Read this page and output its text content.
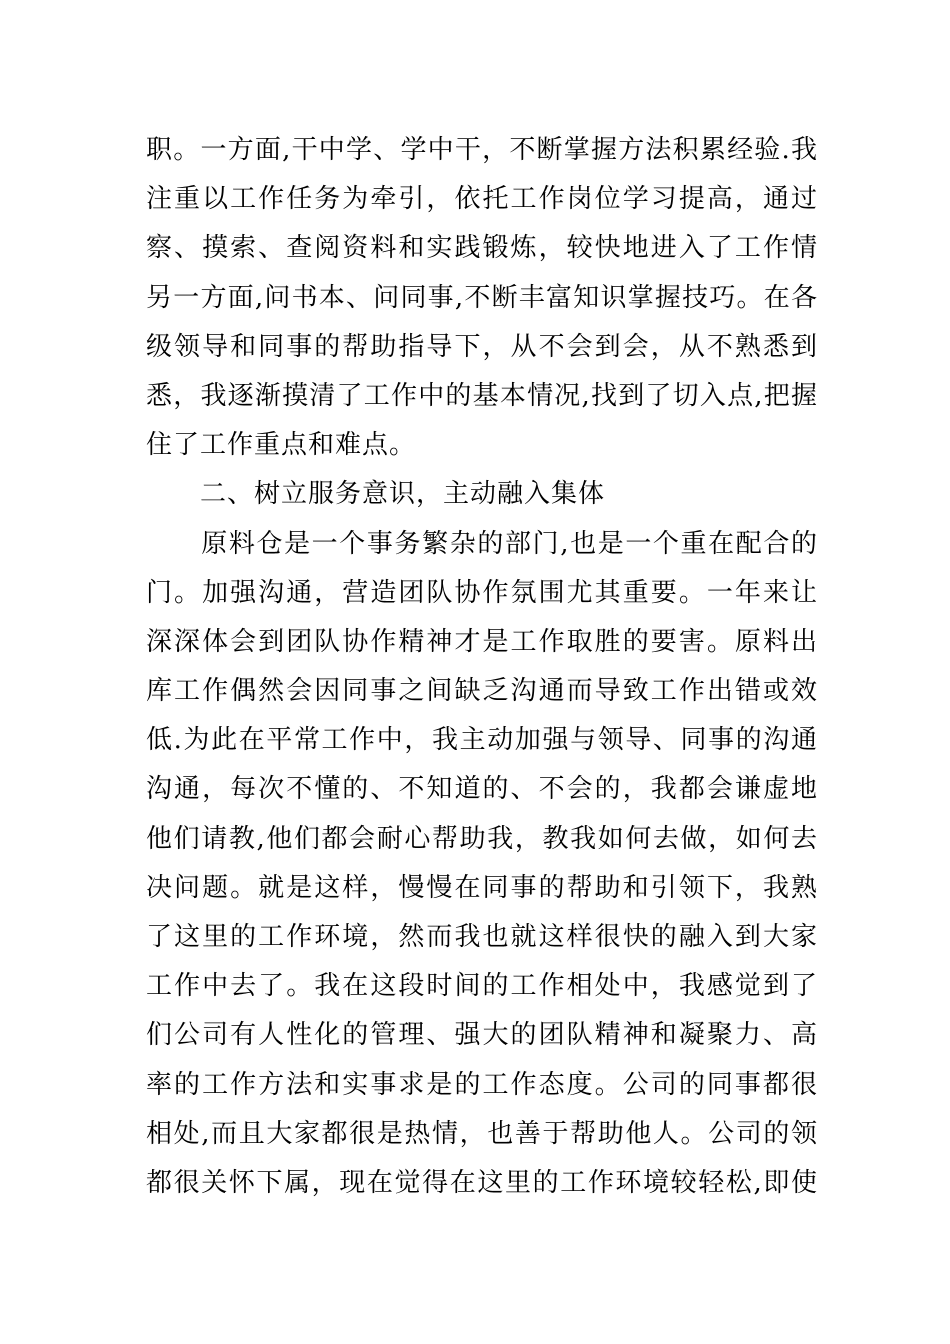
职。一方面,干中学、学中干，不断掌握方法积累经验.我
注重以工作任务为牵引，依托工作岗位学习提高，通过
察、摸索、查阅资料和实践锻炼，较快地进入了工作情
另一方面,问书本、问同事,不断丰富知识掌握技巧。在各
级领导和同事的帮助指导下，从不会到会，从不熟悉到
悉，我逐渐摸清了工作中的基本情况,找到了切入点,把握
住了工作重点和难点。
　　二、树立服务意识，主动融入集体
　　原料仓是一个事务繁杂的部门,也是一个重在配合的
门。加强沟通，营造团队协作氛围尤其重要。一年来让
深深体会到团队协作精神才是工作取胜的要害。原料出
库工作偶然会因同事之间缺乏沟通而导致工作出错或效
低.为此在平常工作中，我主动加强与领导、同事的沟通
沟通，每次不懂的、不知道的、不会的，我都会谦虚地
他们请教,他们都会耐心帮助我，教我如何去做，如何去
决问题。就是这样，慢慢在同事的帮助和引领下，我熟
了这里的工作环境，然而我也就这样很快的融入到大家
工作中去了。我在这段时间的工作相处中，我感觉到了
们公司有人性化的管理、强大的团队精神和凝聚力、高
率的工作方法和实事求是的工作态度。公司的同事都很
相处,而且大家都很是热情，也善于帮助他人。公司的领
都很关怀下属，现在觉得在这里的工作环境较轻松,即使
